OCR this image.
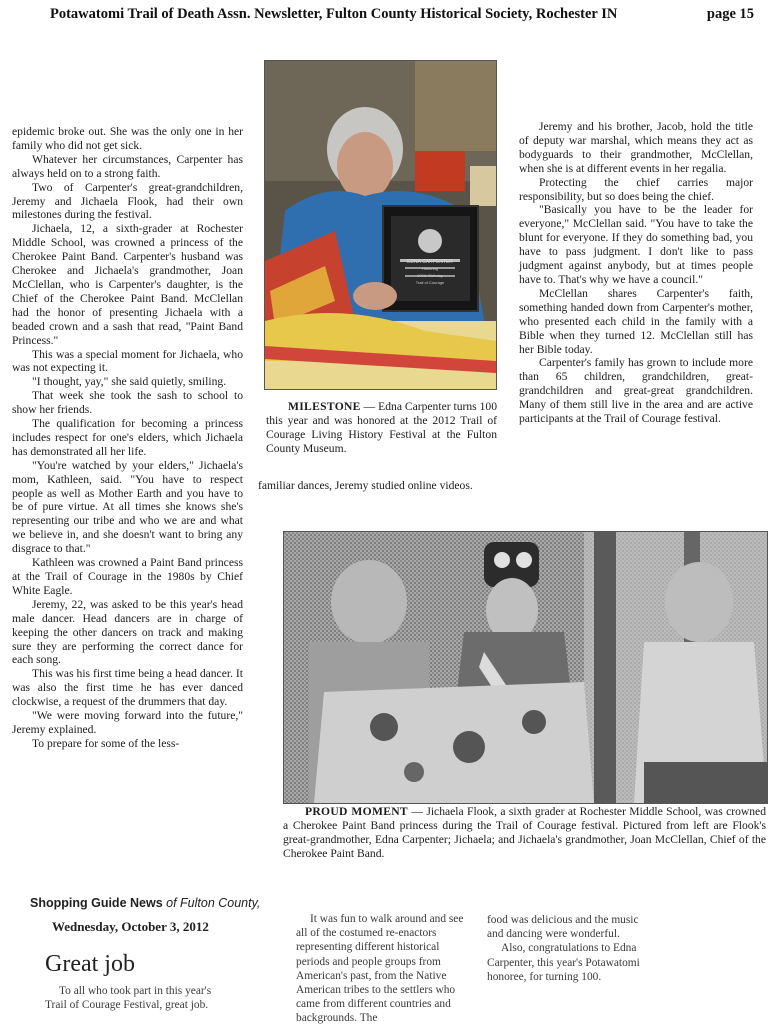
Potawatomi Trail of Death Assn. Newsletter, Fulton County Historical Society, Rochester IN	page 15

epidemic broke out. She was the only one in her family who did not get sick.

Whatever her circumstances, Carpenter has always held on to a strong faith.

Two of Carpenter's great-grandchildren, Jeremy and Jichaela Flook, had their own milestones during the festival.

Jichaela, 12, a sixth-grader at Rochester Middle School, was crowned a princess of the Cherokee Paint Band. Carpenter's husband was Cherokee and Jichaela's grandmother, Joan McClellan, who is Carpenter's daughter, is the Chief of the Cherokee Paint Band. McClellan had the honor of presenting Jichaela with a beaded crown and a sash that read, "Paint Band Princess."

This was a special moment for Jichaela, who was not expecting it.

"I thought, yay," she said quietly, smiling.

That week she took the sash to school to show her friends.

The qualification for becoming a princess includes respect for one's elders, which Jichaela has demonstrated all her life.

"You're watched by your elders," Jichaela's mom, Kathleen, said. "You have to respect people as well as Mother Earth and you have to be of pure virtue. At all times she knows she's representing our tribe and who we are and what we believe in, and she doesn't want to bring any disgrace to that."

Kathleen was crowned a Paint Band princess at the Trail of Courage in the 1980s by Chief White Eagle.

Jeremy, 22, was asked to be this year's head male dancer. Head dancers are in charge of keeping the other dancers on track and making sure they are performing the correct dance for each song.

This was his first time being a head dancer. It was also the first time he has ever danced clockwise, a request of the drummers that day.

"We were moving forward into the future," Jeremy explained.

To prepare for some of the less-

EDNA CARPENTER
Honoring
100th Birthday
Trail of Courage
MILESTONE — Edna Carpenter turns 100 this year and was honored at the 2012 Trail of Courage Living History Festival at the Fulton County Museum.

familiar dances, Jeremy studied online videos.

Jeremy and his brother, Jacob, hold the title of deputy war marshal, which means they act as bodyguards to their grandmother, McClellan, when she is at different events in her regalia.

Protecting the chief carries major responsibility, but so does being the chief.

"Basically you have to be the leader for everyone," McClellan said. "You have to take the blunt for everyone. If they do something bad, you have to pass judgment. I don't like to pass judgment against anybody, but at times people have to. That's why we have a council."

McClellan shares Carpenter's faith, something handed down from Carpenter's mother, who presented each child in the family with a Bible when they turned 12. McClellan still has her Bible today.

Carpenter's family has grown to include more than 65 children, grandchildren, great-grandchildren and great-great grandchildren. Many of them still live in the area and are active participants at the Trail of Courage festival.

PROUD MOMENT — Jichaela Flook, a sixth grader at Rochester Middle School, was crowned a Cherokee Paint Band princess during the Trail of Courage festival. Pictured from left are Flook's great-grandmother, Edna Carpenter; Jichaela; and Jichaela's grandmother, Joan McClellan, Chief of the Cherokee Paint Band.
Shopping Guide News of Fulton County,
Wednesday, October 3, 2012
Great job

To all who took part in this year's Trail of Courage Festival, great job.

It was fun to walk around and see all of the costumed re-enactors representing different historical periods and people groups from American's past, from the Native American tribes to the settlers who came from different countries and backgrounds. The

food was delicious and the music and dancing were wonderful.

Also, congratulations to Edna Carpenter, this year's Potawatomi honoree, for turning 100.
